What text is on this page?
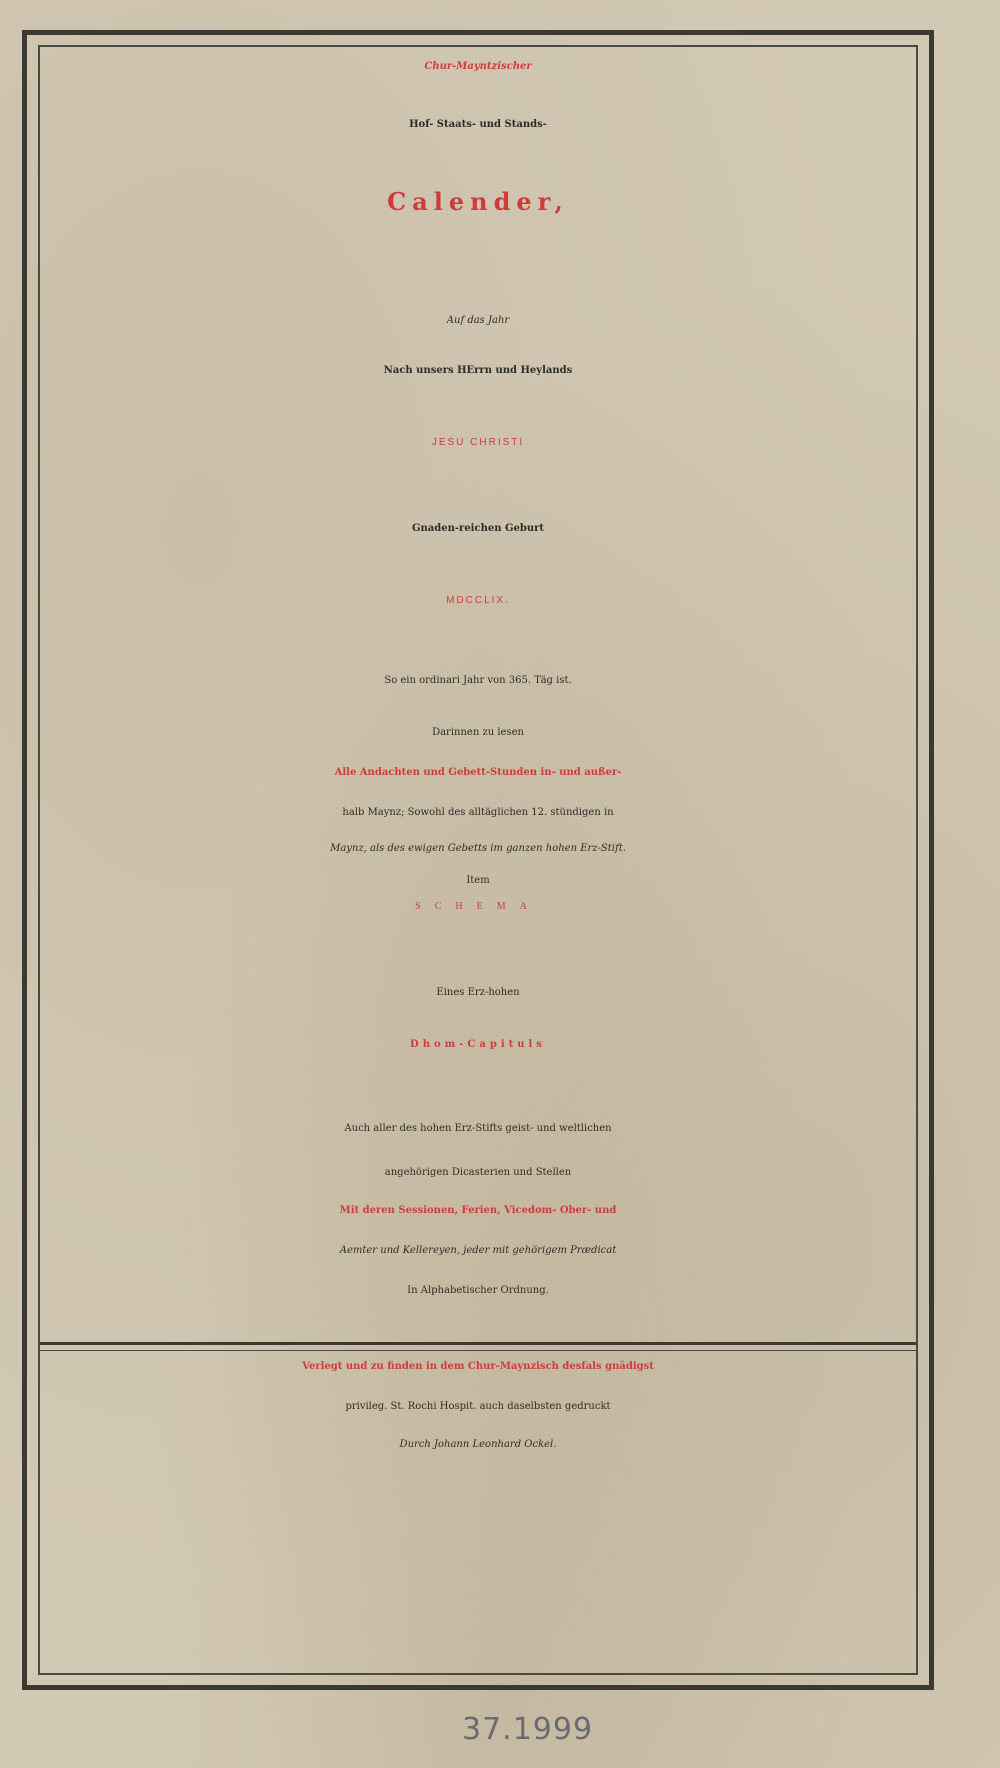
Chur-Mayntzischer

Hof- Staats- und Stands-

Calender,

Auf das Jahr

Nach unsers HErrn und Heylands

JESU CHRISTI

Gnaden-reichen Geburt

MDCCLIX.

So ein ordinari Jahr von 365. Täg ist.

Darinnen zu lesen

Alle Andachten und Gebett-Stunden in- und außer-

halb Maynz; Sowohl des alltäglichen 12. stündigen in

Maynz, als des ewigen Gebetts im ganzen hohen Erz-Stift.

Item

SCHEMA

Eines Erz-hohen

Dhom-Capituls

Auch aller des hohen Erz-Stifts geist- und weltlichen

angehörigen Dicasterien und Stellen

Mit deren Sessionen, Ferien, Vicedom- Ober- und

Aemter und Kellereyen, jeder mit gehörigem Prædicat

In Alphabetischer Ordnung.

Verlegt und zu finden in dem Chur-Maynzisch desfals gnädigst

privileg. St. Rochi Hospit. auch daselbsten gedruckt

Durch Johann Leonhard Ockel.

37.1999
